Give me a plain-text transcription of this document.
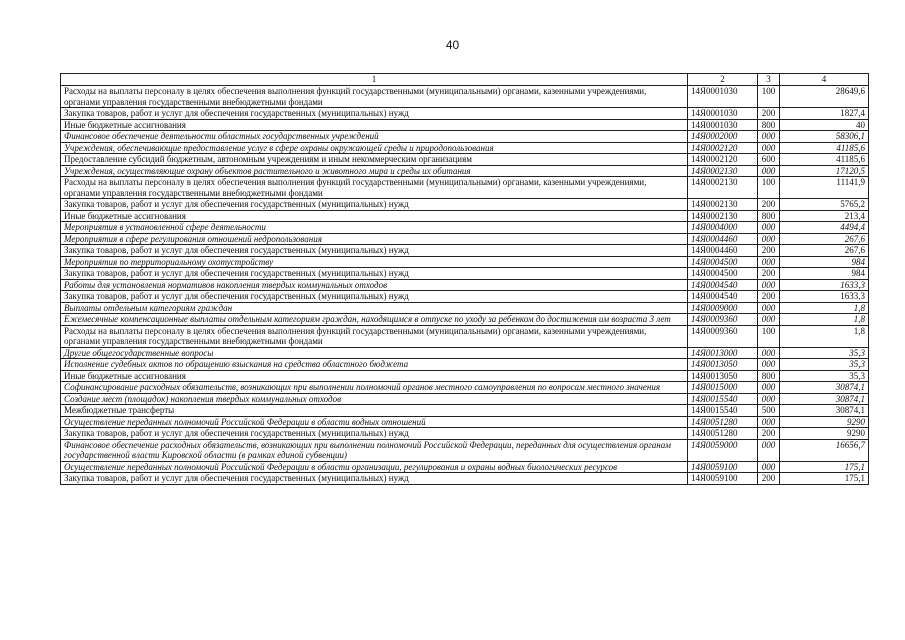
40
1	2	3	4
Расходы на выплаты персоналу в целях обеспечения выполнения функций государственными (муниципальными) органами, казенными учреждениями, органами управления государственными внебюджетными фондами	14Я0001030	100	28649,6
Закупка товаров, работ и услуг для обеспечения государственных (муниципальных) нужд	14Я0001030	200	1827,4
Иные бюджетные ассигнования	14Я0001030	800	40
Финансовое обеспечение деятельности областных государственных учреждений	14Я0002000	000	58306,1
Учреждения, обеспечивающие предоставление услуг в сфере охраны окружающей среды и природопользования	14Я0002120	000	41185,6
Предоставление субсидий бюджетным, автономным учреждениям и иным некоммерческим организациям	14Я0002120	600	41185,6
Учреждения, осуществляющие охрану объектов растительного и животного мира и среды их обитания	14Я0002130	000	17120,5
Расходы на выплаты персоналу в целях обеспечения выполнения функций государственными (муниципальными) органами, казенными учреждениями, органами управления государственными внебюджетными фондами	14Я0002130	100	11141,9
Закупка товаров, работ и услуг для обеспечения государственных (муниципальных) нужд	14Я0002130	200	5765,2
Иные бюджетные ассигнования	14Я0002130	800	213,4
Мероприятия в установленной сфере деятельности	14Я0004000	000	4494,4
Мероприятия в сфере регулирования отношений недропользования	14Я0004460	000	267,6
Закупка товаров, работ и услуг для обеспечения государственных (муниципальных) нужд	14Я0004460	200	267,6
Мероприятия по территориальному охотустройству	14Я0004500	000	984
Закупка товаров, работ и услуг для обеспечения государственных (муниципальных) нужд	14Я0004500	200	984
Работы для установления нормативов накопления твердых коммунальных отходов	14Я0004540	000	1633,3
Закупка товаров, работ и услуг для обеспечения государственных (муниципальных) нужд	14Я0004540	200	1633,3
Выплаты отдельным категориям граждан	14Я0009000	000	1,8
Ежемесячные компенсационные выплаты отдельным категориям граждан, находящимся в отпуске по уходу за ребенком до достижения им возраста 3 лет	14Я0009360	000	1,8
Расходы на выплаты персоналу в целях обеспечения выполнения функций государственными (муниципальными) органами, казенными учреждениями, органами управления государственными внебюджетными фондами	14Я0009360	100	1,8
Другие общегосударственные вопросы	14Я0013000	000	35,3
Исполнение судебных актов по обращению взыскания на средства областного бюджета	14Я0013050	000	35,3
Иные бюджетные ассигнования	14Я0013050	800	35,3
Софинансирование расходных обязательств, возникающих при выполнении полномочий органов местного самоуправления по вопросам местного значения	14Я0015000	000	30874,1
Создание мест (площадок) накопления твердых коммунальных отходов	14Я0015540	000	30874,1
Межбюджетные трансферты	14Я0015540	500	30874,1
Осуществление переданных полномочий Российской Федерации в области водных отношений	14Я0051280	000	9290
Закупка товаров, работ и услуг для обеспечения государственных (муниципальных) нужд	14Я0051280	200	9290
Финансовое обеспечение расходных обязательств, возникающих при выполнении полномочий Российской Федерации, переданных для осуществления органам государственной власти Кировской области (в рамках единой субвенции)	14Я0059000	000	16656,7
Осуществление переданных полномочий Российской Федерации в области организации, регулирования и охраны водных биологических ресурсов	14Я0059100	000	175,1
Закупка товаров, работ и услуг для обеспечения государственных (муниципальных) нужд	14Я0059100	200	175,1
